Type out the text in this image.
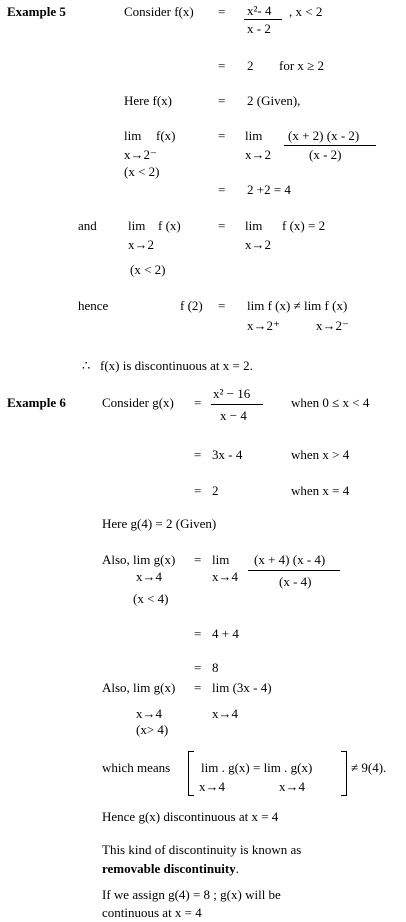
Example 5	Consider f(x) = x²- 4
x - 2
, x < 2
= 2 for x ≥ 2
Here f(x)	= 2 (Given),
lim f(x)
x→2⁻
(x < 2)
= lim
x→2
(x + 2) (x - 2)
(x - 2)
= 2 +2 = 4
and lim f (x)
x→2
(x < 2)
= lim
x→2
f (x) = 2
hence	f (2) = lim f (x) ≠ lim f (x)
x→2⁺	x→2⁻
∴ f(x) is discontinuous at x = 2.
Example 6	Consider g(x) =
x² − 16
x − 4
when 0 ≤ x < 4
= 3x - 4	when x > 4
= 2	when x = 4
Here g(4) = 2 (Given)
Also, lim g(x)
x→4
(x < 4)
= lim
x→4
(x + 4) (x - 4)
(x - 4)
= 4 + 4
= 8
Also, lim g(x) = lim (3x - 4)
x→4	x→4
(x> 4)
which means lim . g(x) = lim . g(x)
x→4	x→4
≠ 9(4).
Hence g(x) discontinuous at x = 4
This kind of discontinuity is known as
removable discontinuity.
If we assign g(4) = 8 ; g(x) will be
continuous at x = 4
